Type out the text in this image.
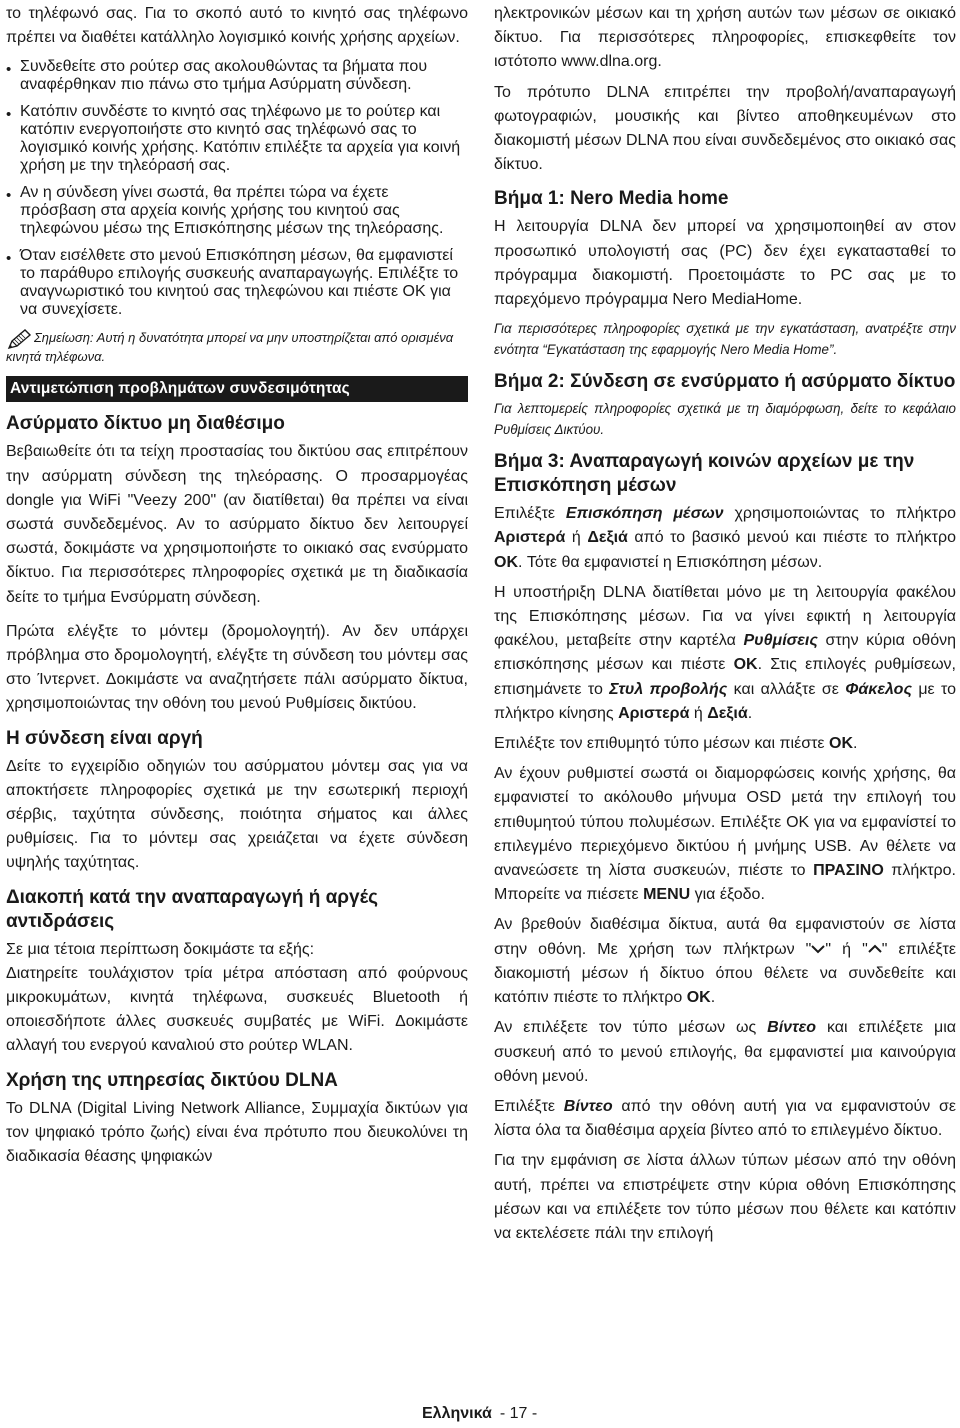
το τηλέφωνό σας. Για το σκοπό αυτό το κινητό σας τηλέφωνο πρέπει να διαθέτει κατάλληλο λογισμικό κοινής χρήσης αρχείων.

• Συνδεθείτε στο ρούτερ σας ακολουθώντας τα βήματα που αναφέρθηκαν πιο πάνω στο τμήμα Ασύρματη σύνδεση.
• Κατόπιν συνδέστε το κινητό σας τηλέφωνο με το ρούτερ και κατόπιν ενεργοποιήστε στο κινητό σας τηλέφωνό σας το λογισμικό κοινής χρήσης. Κατόπιν επιλέξτε τα αρχεία για κοινή χρήση με την τηλεόρασή σας.
• Αν η σύνδεση γίνει σωστά, θα πρέπει τώρα να έχετε πρόσβαση στα αρχεία κοινής χρήσης του κινητού σας τηλεφώνου μέσω της Επισκόπησης μέσων της τηλεόρασης.
• Όταν εισέλθετε στο μενού Επισκόπηση μέσων, θα εμφανιστεί το παράθυρο επιλογής συσκευής αναπαραγωγής. Επιλέξτε το αναγνωριστικό του κινητού σας τηλεφώνου και πιέστε OK για να συνεχίσετε.
Σημείωση: Αυτή η δυνατότητα μπορεί να μην υποστηρίζεται από ορισμένα κινητά τηλέφωνα.
Αντιμετώπιση προβλημάτων συνδεσιμότητας
Ασύρματο δίκτυο μη διαθέσιμο

Βεβαιωθείτε ότι τα τείχη προστασίας του δικτύου σας επιτρέπουν την ασύρματη σύνδεση της τηλεόρασης. Ο προσαρμογέας dongle για WiFi "Veezy 200" (αν διατίθεται) θα πρέπει να είναι σωστά συνδεδεμένος. Αν το ασύρματο δίκτυο δεν λειτουργεί σωστά, δοκιμάστε να χρησιμοποιήστε το οικιακό σας ενσύρματο δίκτυο. Για περισσότερες πληροφορίες σχετικά με τη διαδικασία δείτε το τμήμα Ενσύρματη σύνδεση.

Πρώτα ελέγξτε το μόντεμ (δρομολογητή). Αν δεν υπάρχει πρόβλημα στο δρομολογητή, ελέγξτε τη σύνδεση του μόντεμ σας στο Ίντερνετ. Δοκιμάστε να αναζητήσετε πάλι ασύρματο δίκτυα, χρησιμοποιώντας την οθόνη του μενού Ρυθμίσεις δικτύου.

Η σύνδεση είναι αργή

Δείτε το εγχειρίδιο οδηγιών του ασύρματου μόντεμ σας για να αποκτήσετε πληροφορίες σχετικά με την εσωτερική περιοχή σέρβις, ταχύτητα σύνδεσης, ποιότητα σήματος και άλλες ρυθμίσεις. Για το μόντεμ σας χρειάζεται να έχετε σύνδεση υψηλής ταχύτητας.

Διακοπή κατά την αναπαραγωγή ή αργές αντιδράσεις

Σε μια τέτοια περίπτωση δοκιμάστε τα εξής:

Διατηρείτε τουλάχιστον τρία μέτρα απόσταση από φούρνους μικροκυμάτων, κινητά τηλέφωνα, συσκευές Bluetooth ή οποιεσδήποτε άλλες συσκευές συμβατές με WiFi. Δοκιμάστε αλλαγή του ενεργού καναλιού στο ρούτερ WLAN.

Χρήση της υπηρεσίας δικτύου DLNA

Το DLNA (Digital Living Network Alliance, Συμμαχία δικτύων για τον ψηφιακό τρόπο ζωής) είναι ένα πρότυπο που διευκολύνει τη διαδικασία θέασης ψηφιακών

ηλεκτρονικών μέσων και τη χρήση αυτών των μέσων σε οικιακό δίκτυο. Για περισσότερες πληροφορίες, επισκεφθείτε τον ιστότοπο www.dlna.org.

Το πρότυπο DLNA επιτρέπει την προβολή/αναπαραγωγή φωτογραφιών, μουσικής και βίντεο αποθηκευμένων στο διακομιστή μέσων DLNA που είναι συνδεδεμένος στο οικιακό σας δίκτυο.

Βήμα 1: Nero Media home

Η λειτουργία DLNA δεν μπορεί να χρησιμοποιηθεί αν στον προσωπικό υπολογιστή σας (PC) δεν έχει εγκατασταθεί το πρόγραμμα διακομιστή. Προετοιμάστε το PC σας με το παρεχόμενο πρόγραμμα Nero MediaHome.

Για περισσότερες πληροφορίες σχετικά με την εγκατάσταση, ανατρέξτε στην ενότητα “Εγκατάσταση της εφαρμογής Nero Media Home”.

Βήμα 2: Σύνδεση σε ενσύρματο ή ασύρματο δίκτυο

Για λεπτομερείς πληροφορίες σχετικά με τη διαμόρφωση, δείτε το κεφάλαιο Ρυθμίσεις Δικτύου.

Βήμα 3: Αναπαραγωγή κοινών αρχείων με την Επισκόπηση μέσων

Επιλέξτε Επισκόπηση μέσων χρησιμοποιώντας το πλήκτρο Αριστερά ή Δεξιά από το βασικό μενού και πιέστε το πλήκτρο OK. Τότε θα εμφανιστεί η Επισκόπηση μέσων.

Η υποστήριξη DLNA διατίθεται μόνο με τη λειτουργία φακέλου της Επισκόπησης μέσων. Για να γίνει εφικτή η λειτουργία φακέλου, μεταβείτε στην καρτέλα Ρυθμίσεις στην κύρια οθόνη επισκόπησης μέσων και πιέστε OK. Στις επιλογές ρυθμίσεων, επισημάνετε το Στυλ προβολής και αλλάξτε σε Φάκελος με το πλήκτρο κίνησης Αριστερά ή Δεξιά.

Επιλέξτε τον επιθυμητό τύπο μέσων και πιέστε OK.

Αν έχουν ρυθμιστεί σωστά οι διαμορφώσεις κοινής χρήσης, θα εμφανιστεί το ακόλουθο μήνυμα OSD μετά την επιλογή του επιθυμητού τύπου πολυμέσων. Επιλέξτε OK για να εμφανίστεί το επιλεγμένο περιεχόμενο δικτύου ή μνήμης USB. Αν θέλετε να ανανεώσετε τη λίστα συσκευών, πιέστε το ΠΡΑΣΙΝΟ πλήκτρο. Μπορείτε να πιέσετε MENU για έξοδο.

Αν βρεθούν διαθέσιμα δίκτυα, αυτά θα εμφανιστούν σε λίστα στην οθόνη. Με χρήση των πλήκτρων " " ή " " επιλέξτε διακομιστή μέσων ή δίκτυο όπου θέλετε να συνδεθείτε και κατόπιν πιέστε το πλήκτρο OK.

Αν επιλέξετε τον τύπο μέσων ως Βίντεο και επιλέξετε μια συσκευή από το μενού επιλογής, θα εμφανιστεί μια καινούργια οθόνη μενού.

Επιλέξτε Βίντεο από την οθόνη αυτή για να εμφανιστούν σε λίστα όλα τα διαθέσιμα αρχεία βίντεο από το επιλεγμένο δίκτυο.

Για την εμφάνιση σε λίστα άλλων τύπων μέσων από την οθόνη αυτή, πρέπει να επιστρέψετε στην κύρια οθόνη Επισκόπησης μέσων και να επιλέξετε τον τύπο μέσων που θέλετε και κατόπιν να εκτελέσετε πάλι την επιλογή

Ελληνικά - 17 -
